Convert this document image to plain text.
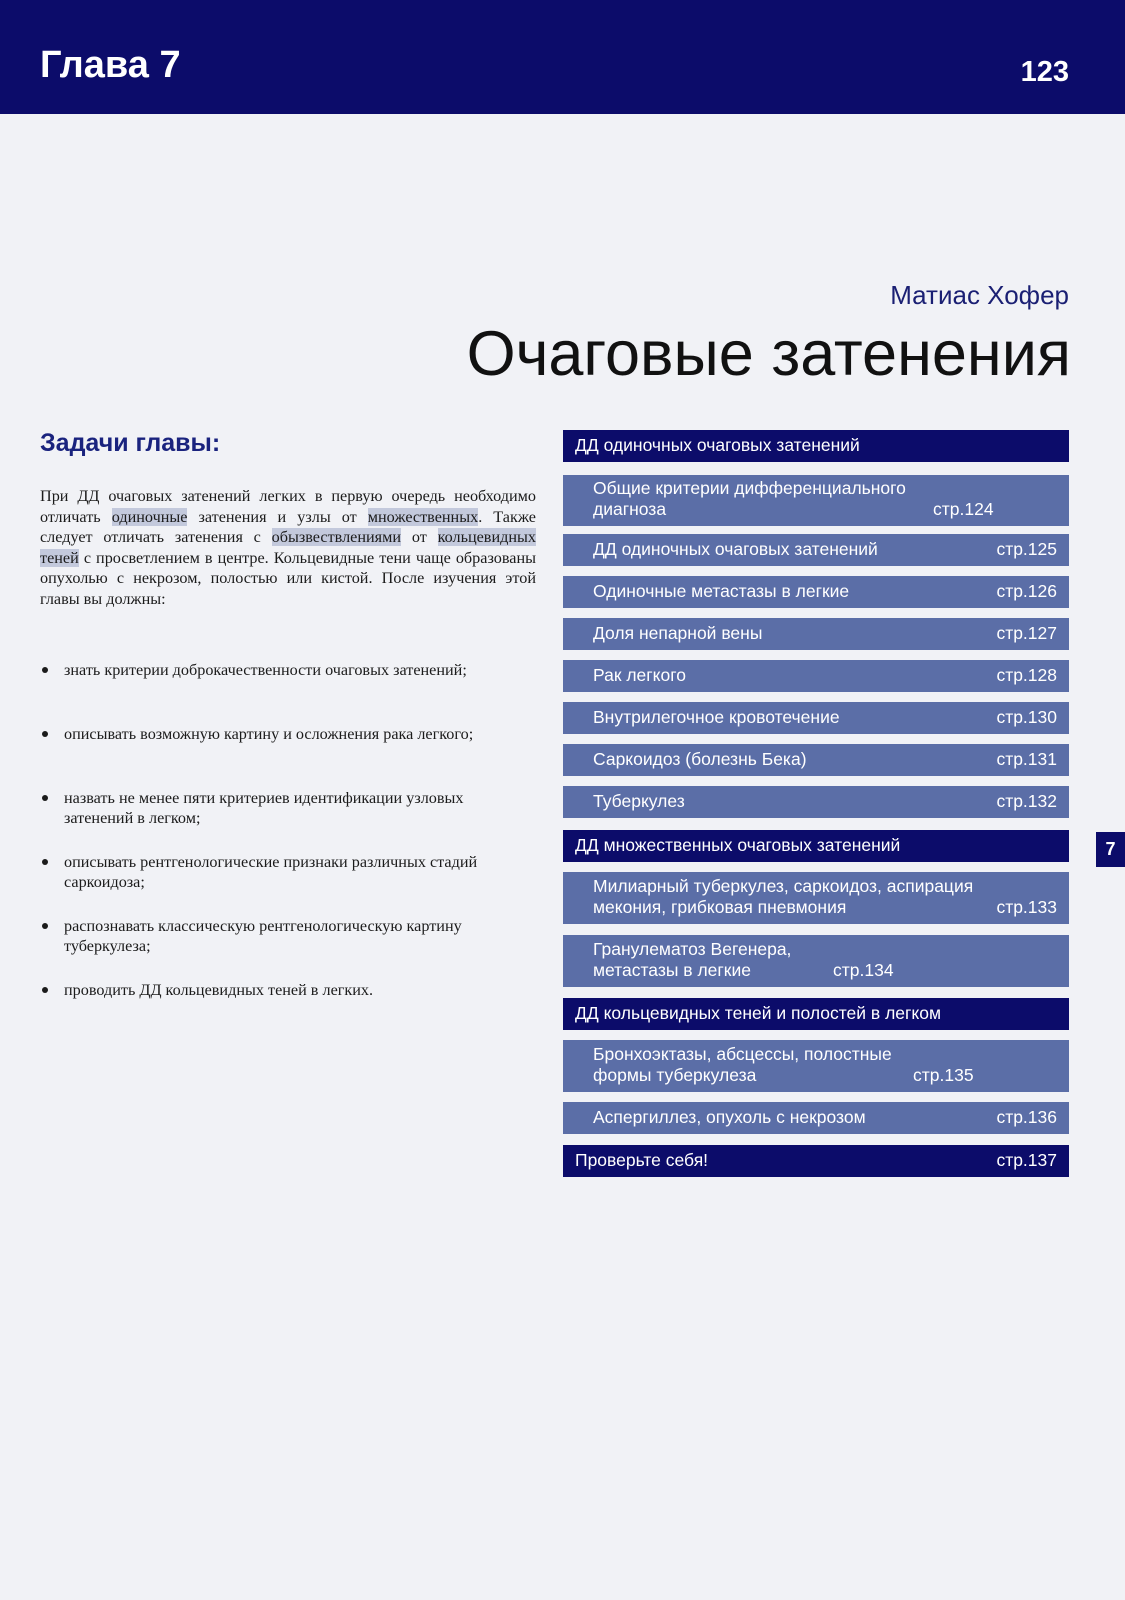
Глава 7	123
Матиас Хофер
Очаговые затенения
Задачи главы:

При ДД очаговых затенений легких в первую очередь необходимо отличать одиночные затенения и узлы от множественных. Также следует отличать затенения с обызвествлениями от кольцевидных теней с просветлением в центре. Кольцевидные тени чаще образованы опухолью с некрозом, полостью или кистой. После изучения этой главы вы должны:

знать критерии доброкачественности очаговых затенений;
описывать возможную картину и осложнения рака легкого;
назвать не менее пяти критериев идентификации узловых затенений в легком;
описывать рентгенологические признаки различных стадий саркоидоза;
распознавать классическую рентгенологическую картину туберкулеза;
проводить ДД кольцевидных теней в легких.
ДД одиночных очаговых затенений
Общие критерии дифференциального диагноза	стр.124
ДД одиночных очаговых затенений	стр.125
Одиночные метастазы в легкие	стр.126
Доля непарной вены	стр.127
Рак легкого	стр.128
Внутрилегочное кровотечение	стр.130
Саркоидоз (болезнь Бека)	стр.131
Туберкулез	стр.132
ДД множественных очаговых затенений
Милиарный туберкулез, саркоидоз, аспирация мекония, грибковая пневмония	стр.133
Гранулематоз Вегенера, метастазы в легкие	стр.134
ДД кольцевидных теней и полостей в легком
Бронхоэктазы, абсцессы, полостные формы туберкулеза	стр.135
Аспергиллез, опухоль с некрозом	стр.136
Проверьте себя!	стр.137
7
